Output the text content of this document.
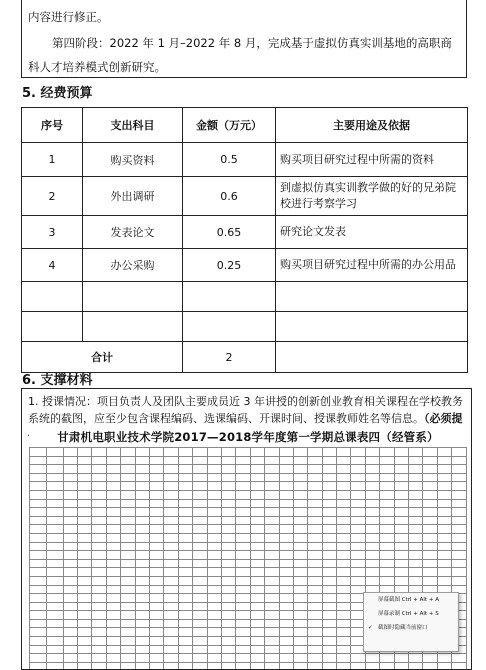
内容进行修正。

第四阶段：2022 年 1 月–2022 年 8 月，完成基于虚拟仿真实训基地的高职商科人才培养模式创新研究。

5. 经费预算
序号	支出科目	金额（万元）	主要用途及依据
1	购买资料	0.5	购买项目研究过程中所需的资料
2	外出调研	0.6	到虚拟仿真实训教学做的好的兄弟院校进行考察学习
3	发表论文	0.65	研究论文发表
4	办公采购	0.25	购买项目研究过程中所需的办公用品

合计		2	
6. 支撑材料

1. 授课情况：项目负责人及团队主要成员近 3 年讲授的创新创业教育相关课程在学校教务系统的截图，应至少包含课程编码、选课编码、开课时间、授课教师姓名等信息。（必须提

甘肃机电职业技术学院2017—2018学年度第一学期总课表四（经管系）

屏幕截图 Ctrl + Alt + A
屏幕录制 Ctrl + Alt + S
✓ 截图时隐藏当前窗口
